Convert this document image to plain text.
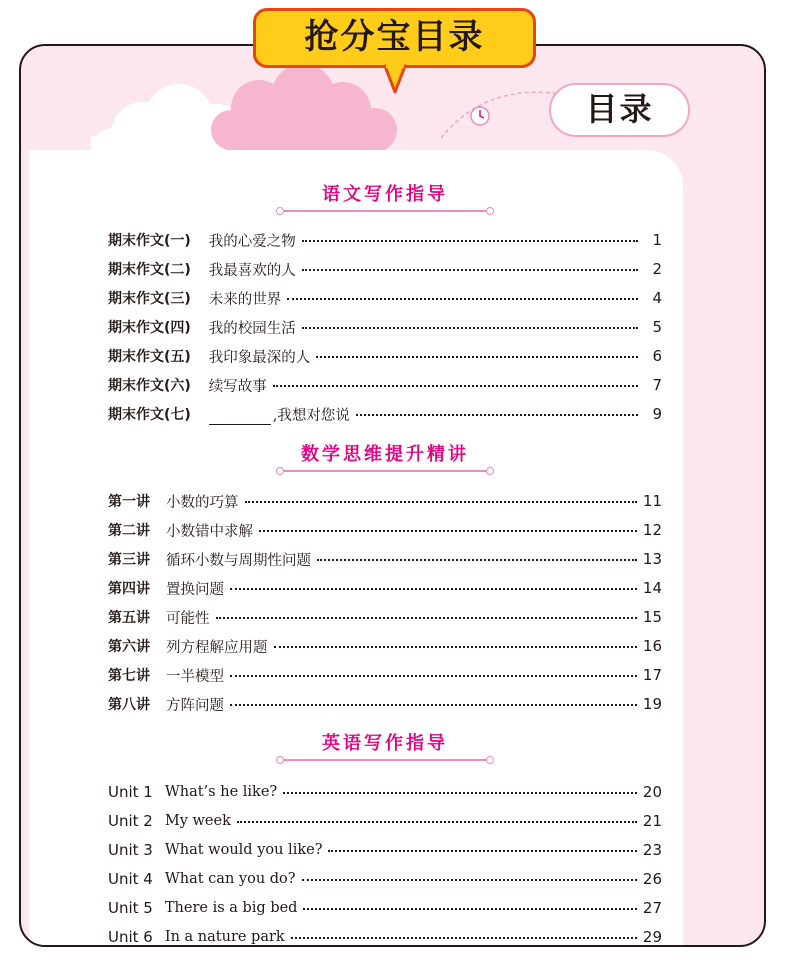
抢分宝目录
目录
语文写作指导
期末作文(一) 我的心爱之物	1
期末作文(二) 我最喜欢的人	2
期末作文(三) 未来的世界	4
期末作文(四) 我的校园生活	5
期末作文(五) 我印象最深的人	6
期末作文(六) 续写故事	7
期末作文(七)	,我想对您说	9
数学思维提升精讲
第一讲 小数的巧算	11
第二讲 小数错中求解	12
第三讲 循环小数与周期性问题	13
第四讲 置换问题	14
第五讲 可能性	15
第六讲 列方程解应用题	16
第七讲 一半模型	17
第八讲 方阵问题	19
英语写作指导
Unit 1 What’s he like?	20
Unit 2 My week	21
Unit 3 What would you like?	23
Unit 4 What can you do?	26
Unit 5 There is a big bed	27
Unit 6 In a nature park	29
